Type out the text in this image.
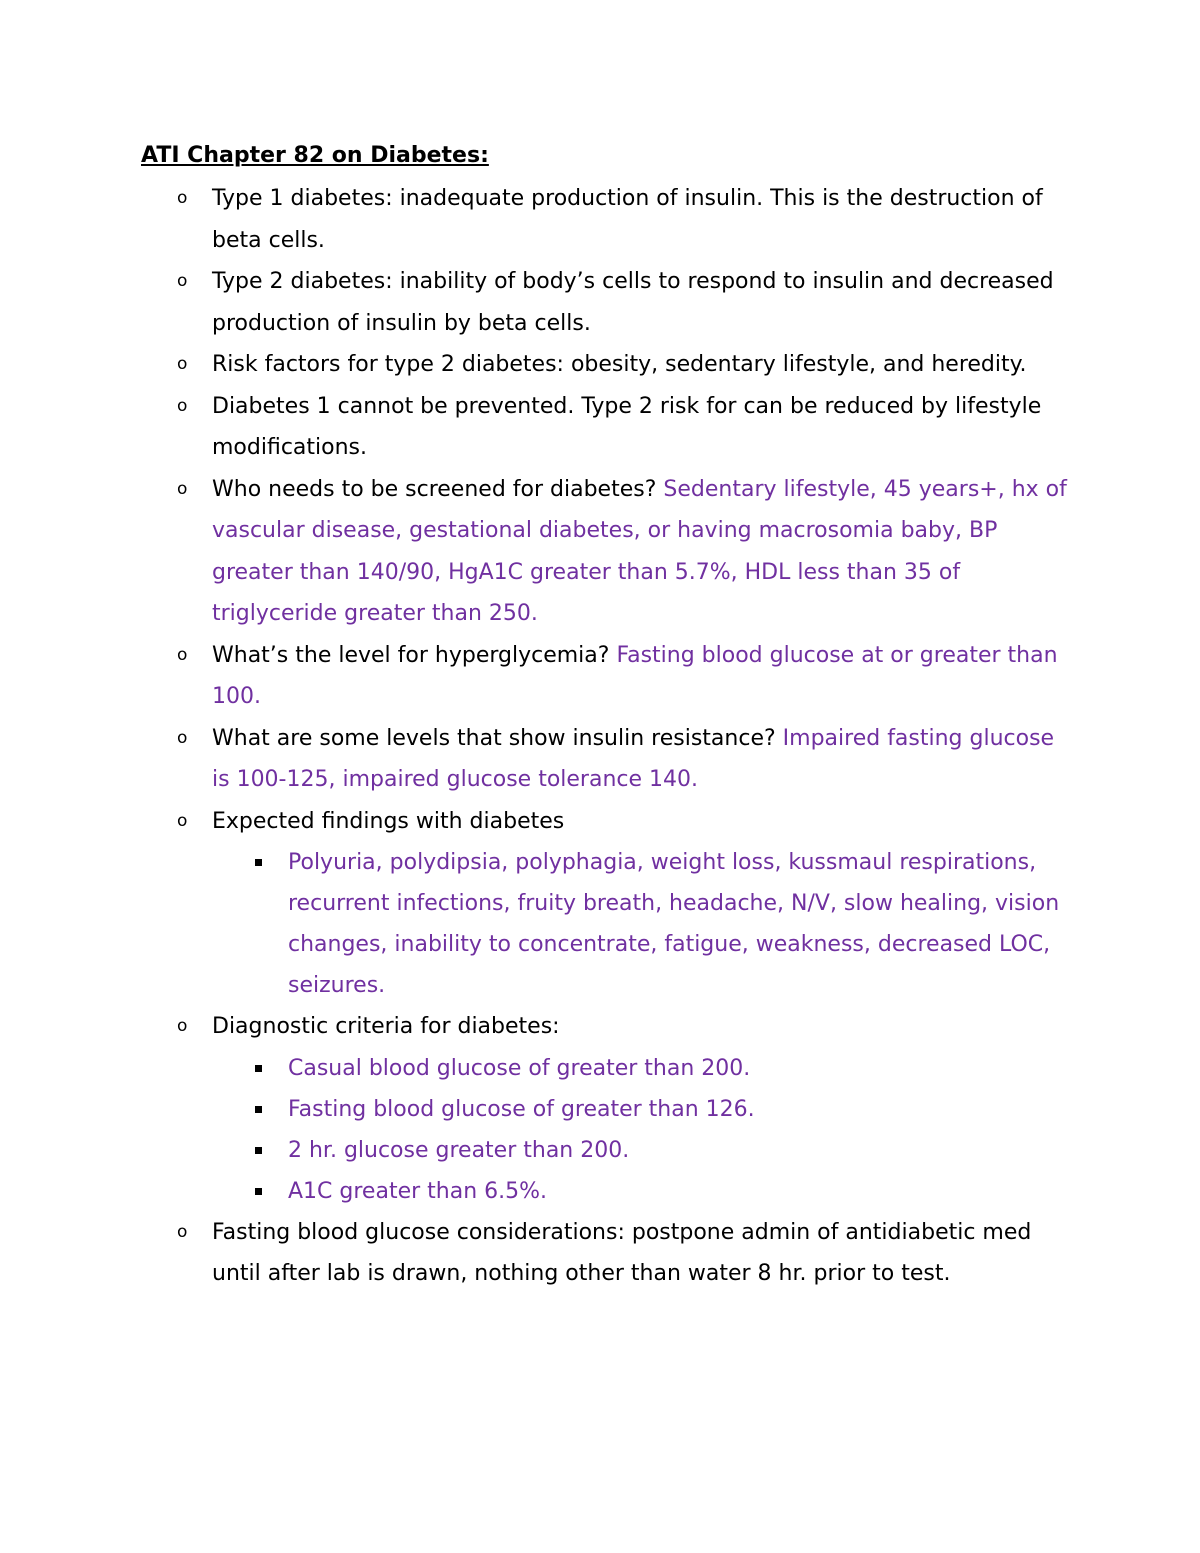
ATI Chapter 82 on Diabetes:

o Type 1 diabetes: inadequate production of insulin. This is the destruction of beta cells.
o Type 2 diabetes: inability of body’s cells to respond to insulin and decreased production of insulin by beta cells.
o Risk factors for type 2 diabetes: obesity, sedentary lifestyle, and heredity.
o Diabetes 1 cannot be prevented. Type 2 risk for can be reduced by lifestyle modifications.
o Who needs to be screened for diabetes? Sedentary lifestyle, 45 years+, hx of vascular disease, gestational diabetes, or having macrosomia baby, BP greater than 140/90, HgA1C greater than 5.7%, HDL less than 35 of triglyceride greater than 250.
o What’s the level for hyperglycemia? Fasting blood glucose at or greater than 100.
o What are some levels that show insulin resistance? Impaired fasting glucose is 100-125, impaired glucose tolerance 140.
o Expected findings with diabetes
Polyuria, polydipsia, polyphagia, weight loss, kussmaul respirations, recurrent infections, fruity breath, headache, N/V, slow healing, vision changes, inability to concentrate, fatigue, weakness, decreased LOC, seizures.
o Diagnostic criteria for diabetes:
Casual blood glucose of greater than 200.
Fasting blood glucose of greater than 126.
2 hr. glucose greater than 200.
A1C greater than 6.5%.
o Fasting blood glucose considerations: postpone admin of antidiabetic med until after lab is drawn, nothing other than water 8 hr. prior to test.
